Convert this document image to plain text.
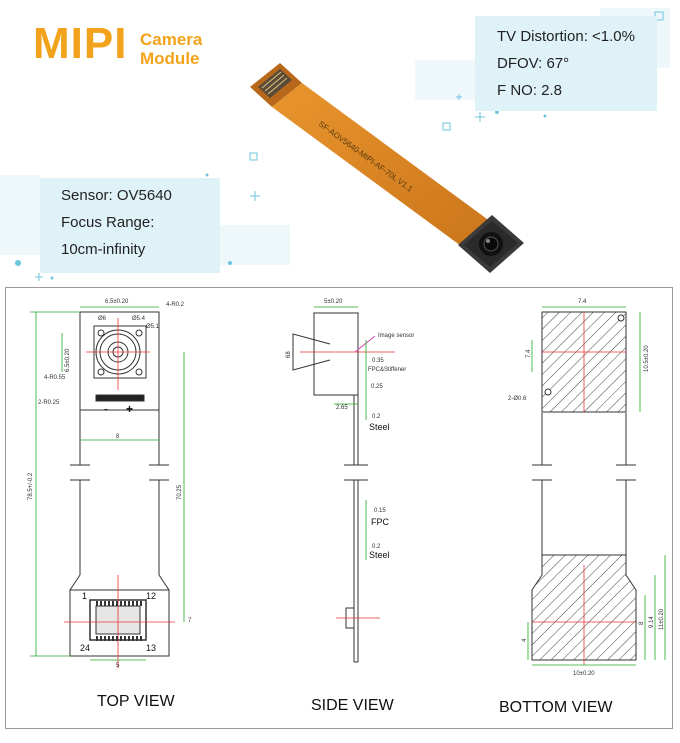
MIPI Camera
Module
TV Distortion: <1.0%
DFOV: 67°
F NO: 2.8
Sensor: OV5640
Focus Range:
10cm-infinity
SF-AOV5640-MIPI-AF-70L V1.1
6.5±0.20	4-R0.2
Ø6	Ø5.4
Ø5.1
6.5±0.20
4-R0.55
2-R0.25
8
78.5+/-0.2	70.25
7
5
1	12
24	13
- +
5±0.20
68
Image sensor
0.35
FPC&Stiffener
0.25
2.65
0.2
0.15
0.2
Steel
FPC
Steel
7.4
7.4	10.5±0.20
2-Ø0.6
4
8 9.14 11±0.20
10±0.20
TOP VIEW	SIDE VIEW	BOTTOM VIEW
